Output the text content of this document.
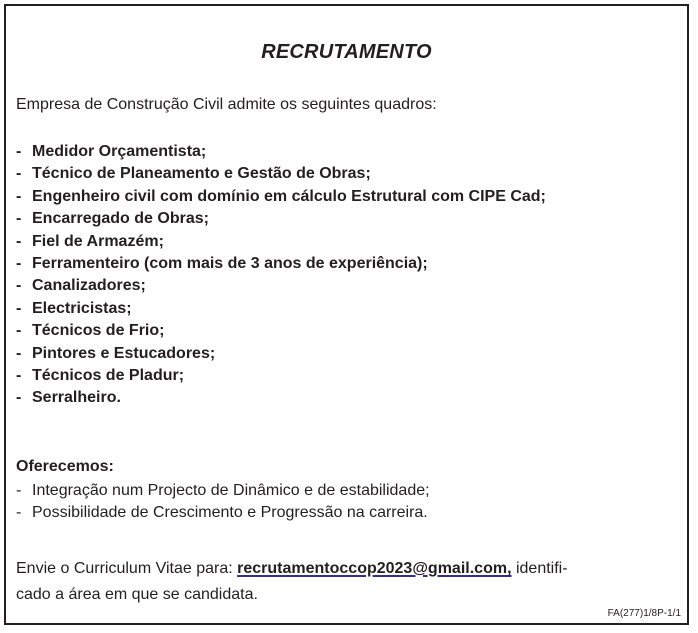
RECRUTAMENTO
Empresa de Construção Civil admite os seguintes quadros:
- Medidor Orçamentista;
- Técnico de Planeamento e Gestão de Obras;
- Engenheiro civil com domínio em cálculo Estrutural com CIPE Cad;
- Encarregado de Obras;
- Fiel de Armazém;
- Ferramenteiro (com mais de 3 anos de experiência);
- Canalizadores;
- Electricistas;
- Técnicos de Frio;
- Pintores e Estucadores;
- Técnicos de Pladur;
- Serralheiro.
Oferecemos:
- Integração num Projecto de Dinâmico e de estabilidade;
- Possibilidade de Crescimento e Progressão na carreira.
Envie o Curriculum Vitae para: recrutamentoccop2023@gmail.com, identifi-
cado a área em que se candidata.
FA(277)1/8P-1/1
